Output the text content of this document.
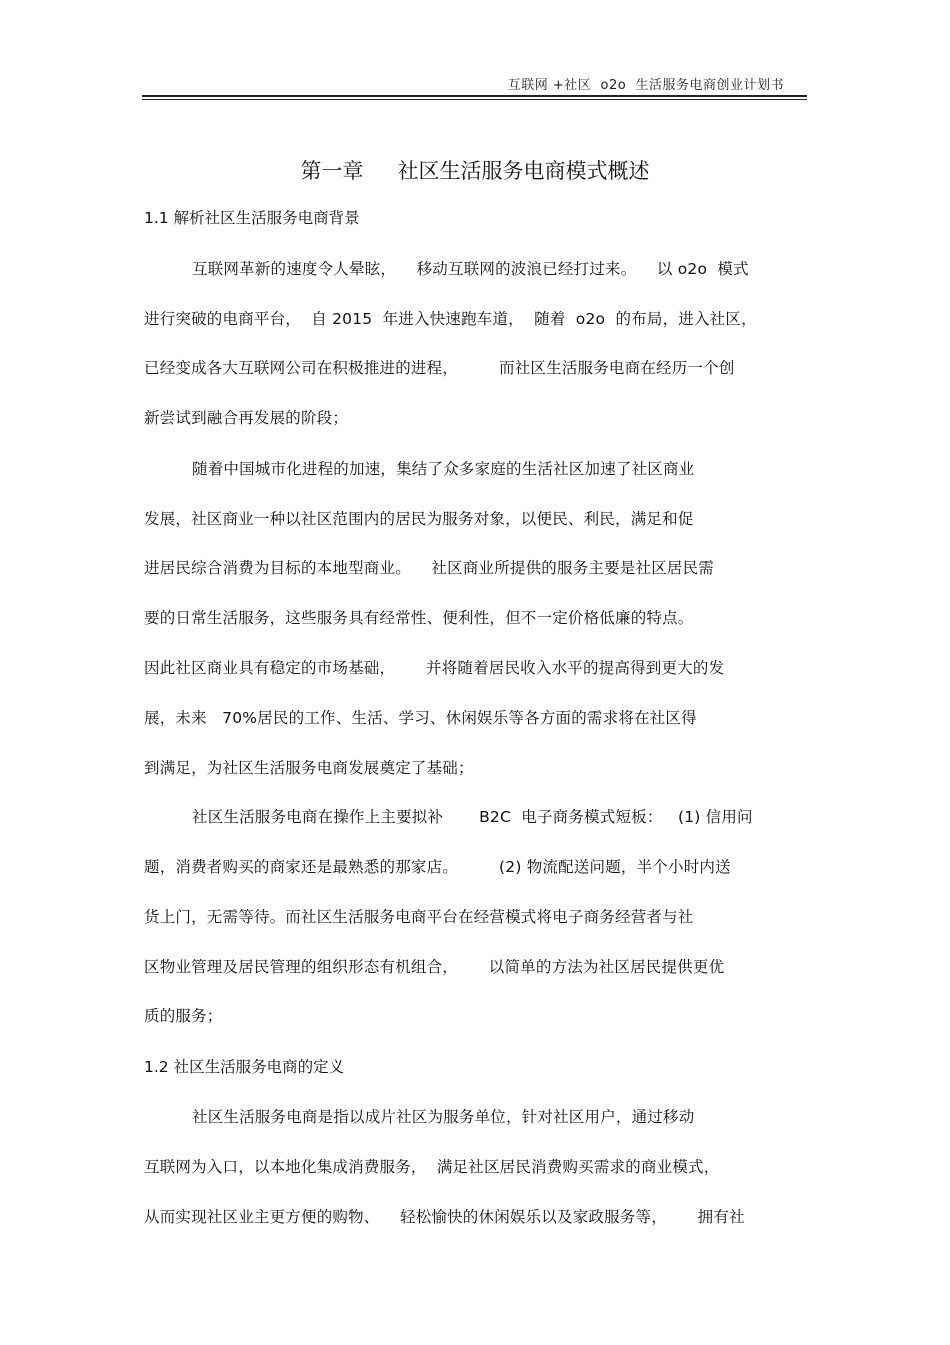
互联网 +社区  o2o  生活服务电商创业计划书
第一章 社区生活服务电商模式概述
1.1 解析社区生活服务电商背景
互联网革新的速度令人晕眩，    移动互联网的波浪已经打过来。    以 o2o  模式
进行突破的电商平台，  自 2015  年进入快速跑车道，  随着  o2o  的布局，进入社区，
已经变成各大互联网公司在积极推进的进程，        而社区生活服务电商在经历一个创
新尝试到融合再发展的阶段；
随着中国城市化进程的加速，集结了众多家庭的生活社区加速了社区商业
发展，社区商业一种以社区范围内的居民为服务对象，以便民、利民，满足和促
进居民综合消费为目标的本地型商业。    社区商业所提供的服务主要是社区居民需
要的日常生活服务，这些服务具有经常性、便利性，但不一定价格低廉的特点。
因此社区商业具有稳定的市场基础，      并将随着居民收入水平的提高得到更大的发
展，未来   70%居民的工作、生活、学习、休闲娱乐等各方面的需求将在社区得
到满足，为社区生活服务电商发展奠定了基础；
社区生活服务电商在操作上主要拟补       B2C  电子商务模式短板：   (1) 信用问
题，消费者购买的商家还是最熟悉的那家店。        (2) 物流配送问题，半个小时内送
货上门，无需等待。而社区生活服务电商平台在经营模式将电子商务经营者与社
区物业管理及居民管理的组织形态有机组合，      以简单的方法为社区居民提供更优
质的服务；
1.2 社区生活服务电商的定义
社区生活服务电商是指以成片社区为服务单位，针对社区用户，通过移动
互联网为入口，以本地化集成消费服务，  满足社区居民消费购买需求的商业模式，
从而实现社区业主更方便的购物、    轻松愉快的休闲娱乐以及家政服务等，      拥有社
